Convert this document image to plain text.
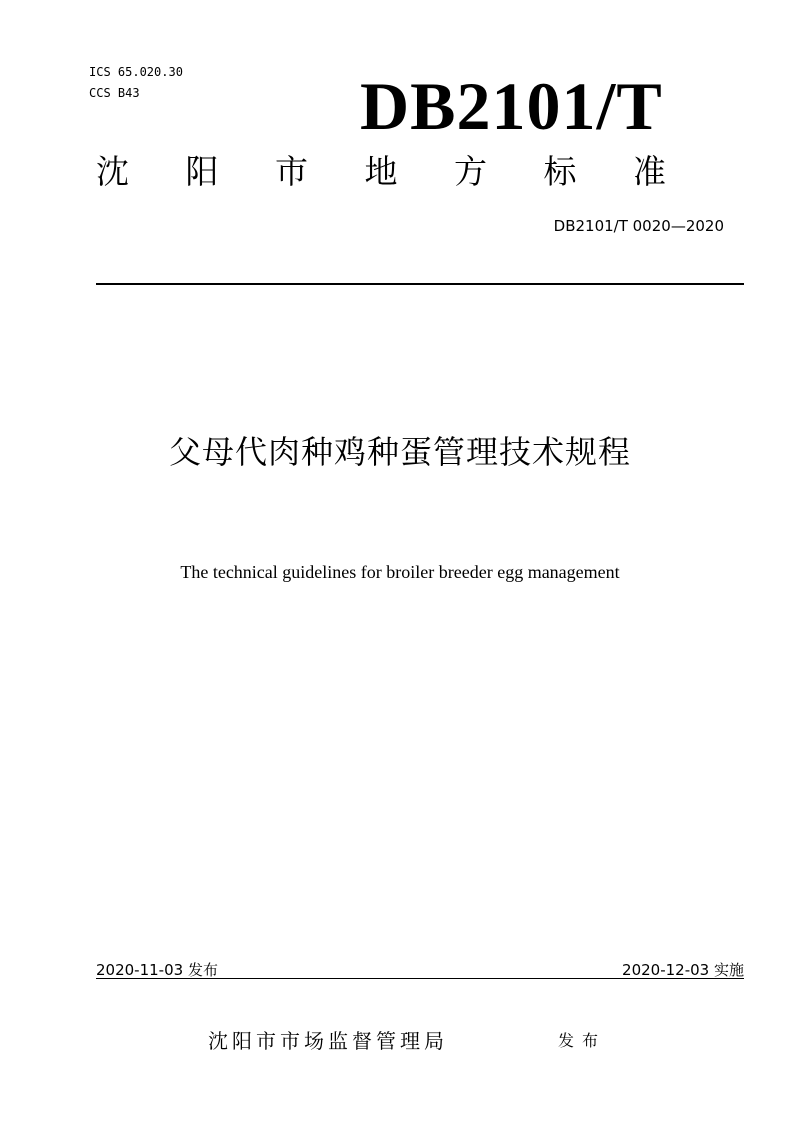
ICS 65.020.30
CCS B43	DB2101/T
沈 阳 市 地 方 标 准
DB2101/T 0020—2020
父母代肉种鸡种蛋管理技术规程
The technical guidelines for broiler breeder egg management
2020-11-03 发布	2020-12-03 实施
沈阳市市场监督管理局	发布
